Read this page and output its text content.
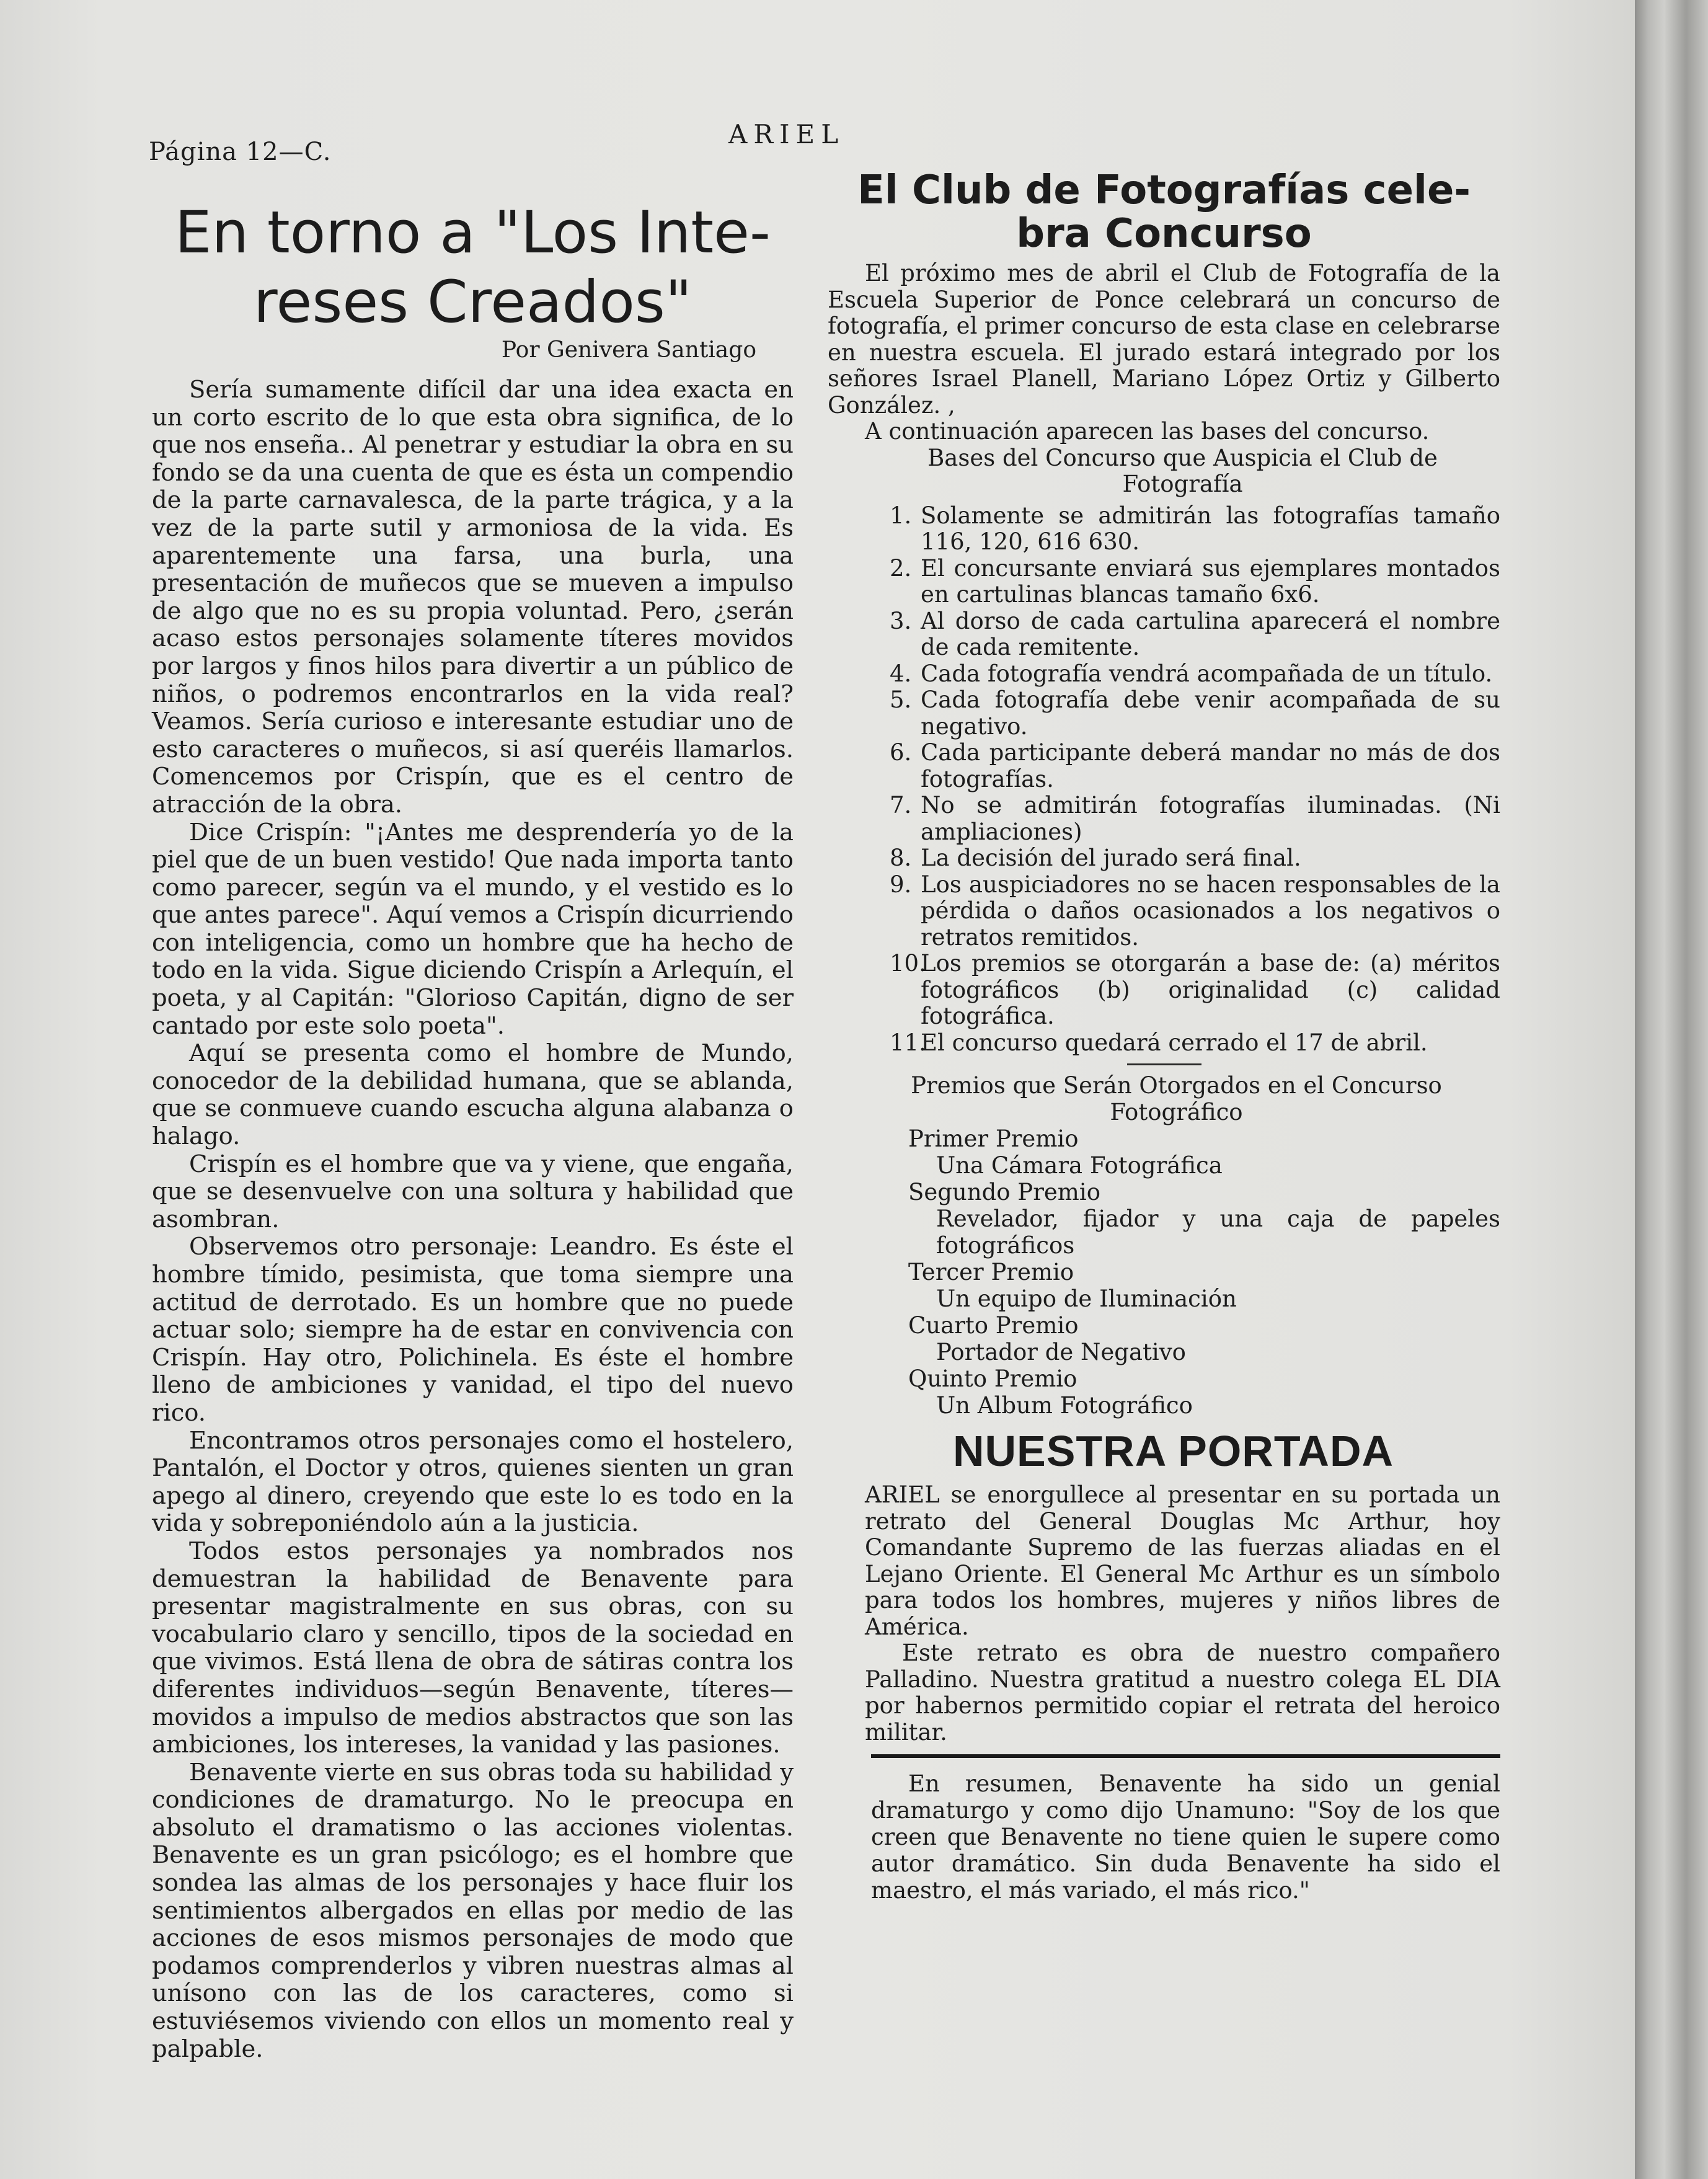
Página 12—C.
ARIEL
En torno a "Los Inte-
reses Creados"
Por Genivera Santiago

Sería sumamente difícil dar una idea exacta en un corto escrito de lo que esta obra significa, de lo que nos enseña.. Al penetrar y estudiar la obra en su fondo se da una cuenta de que es ésta un compendio de la parte carnavalesca, de la parte trágica, y a la vez de la parte sutil y armoniosa de la vida. Es aparentemente una farsa, una burla, una presentación de muñecos que se mueven a impulso de algo que no es su propia voluntad. Pero, ¿serán acaso estos personajes solamente títeres movidos por largos y finos hilos para divertir a un público de niños, o podremos encontrarlos en la vida real? Veamos. Sería curioso e interesante estudiar uno de esto caracteres o muñecos, si así queréis llamarlos. Comencemos por Crispín, que es el centro de atracción de la obra.

Dice Crispín: "¡Antes me desprendería yo de la piel que de un buen vestido! Que nada importa tanto como parecer, según va el mundo, y el vestido es lo que antes parece". Aquí vemos a Crispín dicurriendo con inteligencia, como un hombre que ha hecho de todo en la vida. Sigue diciendo Crispín a Arlequín, el poeta, y al Capitán: "Glorioso Capitán, digno de ser cantado por este solo poeta".

Aquí se presenta como el hombre de Mundo, conocedor de la debilidad humana, que se ablanda, que se conmueve cuando escucha alguna alabanza o halago.

Crispín es el hombre que va y viene, que engaña, que se desenvuelve con una soltura y habilidad que asombran.

Observemos otro personaje: Leandro. Es éste el hombre tímido, pesimista, que toma siempre una actitud de derrotado. Es un hombre que no puede actuar solo; siempre ha de estar en convivencia con Crispín. Hay otro, Polichinela. Es éste el hombre lleno de ambiciones y vanidad, el tipo del nuevo rico.

Encontramos otros personajes como el hostelero, Pantalón, el Doctor y otros, quienes sienten un gran apego al dinero, creyendo que este lo es todo en la vida y sobreponiéndolo aún a la justicia.

Todos estos personajes ya nombrados nos demuestran la habilidad de Benavente para presentar magistralmente en sus obras, con su vocabulario claro y sencillo, tipos de la sociedad en que vivimos. Está llena de obra de sátiras contra los diferentes individuos—según Benavente, títeres—movidos a impulso de medios abstractos que son las ambiciones, los intereses, la vanidad y las pasiones.

Benavente vierte en sus obras toda su habilidad y condiciones de dramaturgo. No le preocupa en absoluto el dramatismo o las acciones violentas. Benavente es un gran psicólogo; es el hombre que sondea las almas de los personajes y hace fluir los sentimientos albergados en ellas por medio de las acciones de esos mismos personajes de modo que podamos comprenderlos y vibren nuestras almas al unísono con las de los caracteres, como si estuviésemos viviendo con ellos un momento real y palpable.

El Club de Fotografías cele-
bra Concurso

El próximo mes de abril el Club de Fotografía de la Escuela Superior de Ponce celebrará un concurso de fotografía, el primer concurso de esta clase en celebrarse en nuestra escuela. El jurado estará integrado por los señores Israel Planell, Mariano López Ortiz y Gilberto González. ,

A continuación aparecen las bases del concurso.

Bases del Concurso que Auspicia el Club de Fotografía

1. Solamente se admitirán las fotografías tamaño 116, 120, 616 630.
2. El concursante enviará sus ejemplares montados en cartulinas blancas tamaño 6x6.
3. Al dorso de cada cartulina aparecerá el nombre de cada remitente.
4. Cada fotografía vendrá acompañada de un título.
5. Cada fotografía debe venir acompañada de su negativo.
6. Cada participante deberá mandar no más de dos fotografías.
7. No se admitirán fotografías iluminadas. (Ni ampliaciones)
8. La decisión del jurado será final.
9. Los auspiciadores no se hacen responsables de la pérdida o daños ocasionados a los negativos o retratos remitidos.
10.
Los premios se otorgarán a base de: (a) méritos fotográficos (b) originalidad (c) calidad fotográfica.
11.
El concurso quedará cerrado el 17 de abril.

Premios que Serán Otorgados en el Concurso Fotográfico

Primer Premio
Una Cámara Fotográfica
Segundo Premio
Revelador, fijador y una caja de papeles fotográficos
Tercer Premio
Un equipo de Iluminación
Cuarto Premio
Portador de Negativo
Quinto Premio
Un Album Fotográfico
NUESTRA PORTADA

ARIEL se enorgullece al presentar en su portada un retrato del General Douglas Mc Arthur, hoy Comandante Supremo de las fuerzas aliadas en el Lejano Oriente. El General Mc Arthur es un símbolo para todos los hombres, mujeres y niños libres de América.

Este retrato es obra de nuestro compañero Palladino. Nuestra gratitud a nuestro colega EL DIA por habernos permitido copiar el retrata del heroico militar.

En resumen, Benavente ha sido un genial dramaturgo y como dijo Unamuno: "Soy de los que creen que Benavente no tiene quien le supere como autor dramático. Sin duda Benavente ha sido el maestro, el más variado, el más rico."
